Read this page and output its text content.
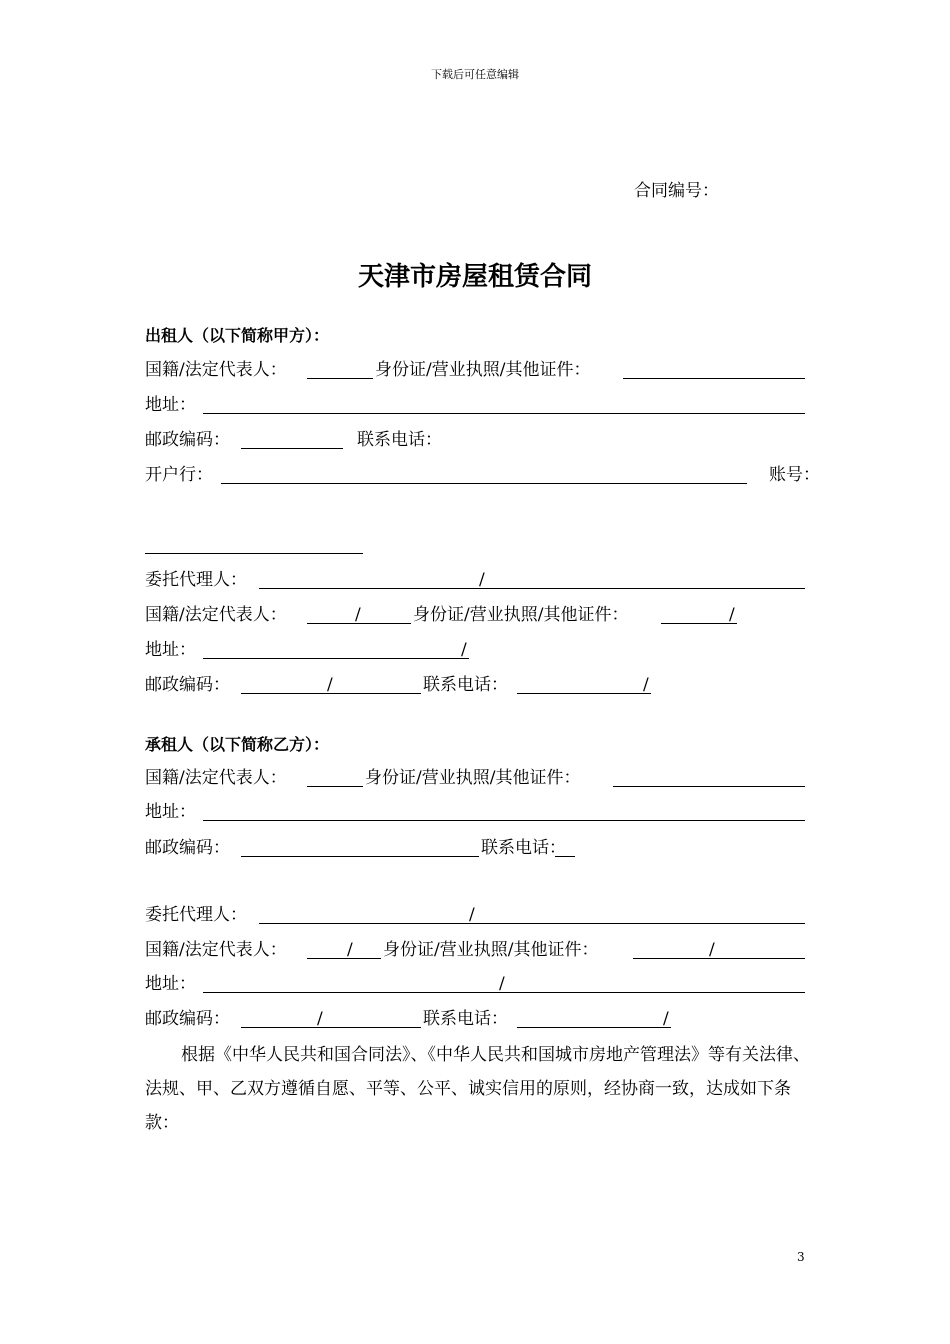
下载后可任意编辑
合同编号：
天津市房屋租赁合同
出租人（以下简称甲方）：
国籍/法定代表人：	身份证/营业执照/其他证件：
地址：
邮政编码：	联系电话：
开户行：	账号：
委托代理人：	/
国籍/法定代表人：	/	身份证/营业执照/其他证件：	/
地址：	/
邮政编码：	/	联系电话：	/
承租人（以下简称乙方）：
国籍/法定代表人：	身份证/营业执照/其他证件：
地址：
邮政编码：	联系电话：
委托代理人：	/
国籍/法定代表人：	/ 身份证/营业执照/其他证件：	/
地址：	/
邮政编码：	/	联系电话：	/
根据《中华人民共和国合同法》、《中华人民共和国城市房地产管理法》等有关法律、法规、甲、乙双方遵循自愿、平等、公平、诚实信用的原则，经协商一致，达成如下条款：
3
